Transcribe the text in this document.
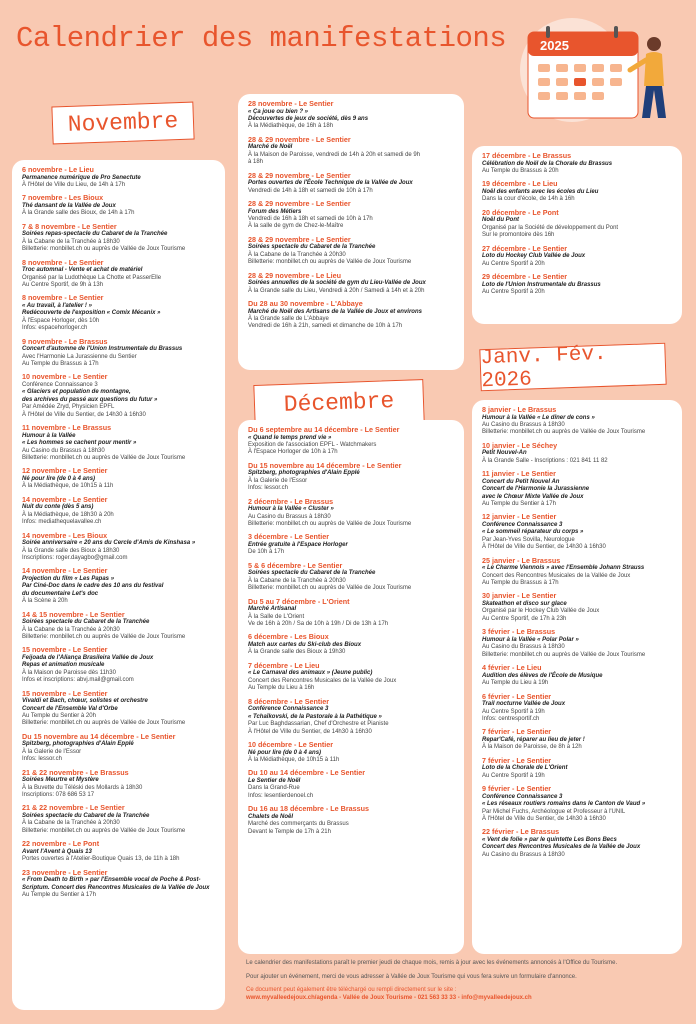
Calendrier des manifestations	2025
Novembre
Décembre
Janv. Fév. 2026
6 novembre - Le Lieu
Permanence numérique de Pro Senectute
À l'Hôtel de Ville du Lieu, de 14h à 17h
7 novembre - Les Bioux
Thé dansant de la Vallée de Joux
À la Grande salle des Bioux, de 14h à 17h
7 & 8 novembre - Le Sentier
Soirées repas-spectacle du Cabaret de la Tranchée
À la Cabane de la Tranchée à 18h30
Billetterie: monbillet.ch ou auprès de Vallée de Joux Tourisme
8 novembre - Le Sentier
Troc automnal - Vente et achat de matériel
Organisé par la Ludothèque La Chotte et PasserElle
Au Centre Sportif, de 9h à 13h
8 novembre - Le Sentier
« Au travail, à l'atelier ! »
Redécouverte de l'exposition « Comix Mécanix »
À l'Espace Horloger, dès 10h
Infos: espacehorloger.ch
9 novembre - Le Brassus
Concert d'automne de l'Union Instrumentale du Brassus
Avec l'Harmonie La Jurassienne du Sentier
Au Temple du Brassus à 17h
10 novembre - Le Sentier
Conférence Connaissance 3
« Glaciers et population de montagne,
des archives du passé aux questions du futur »
Par Amédée Zryd, Physicien EPFL
À l'Hôtel de Ville du Sentier, de 14h30 à 16h30
11 novembre - Le Brassus
Humour à la Vallée
« Les hommes se cachent pour mentir »
Au Casino du Brassus à 18h30
Billetterie: monbillet.ch ou auprès de Vallée de Joux Tourisme
12 novembre - Le Sentier
Né pour lire (de 0 à 4 ans)
À la Médiathèque, de 10h15 à 11h
14 novembre - Le Sentier
Nuit du conte (dès 5 ans)
À la Médiathèque, de 18h30 à 20h
Infos: mediathequelavallee.ch
14 novembre - Les Bioux
Soirée anniversaire « 20 ans du Cercle d'Amis de Kinshasa »
À la Grande salle des Bioux à 18h30
Inscriptions: roger.dayagbo@gmail.com
14 novembre - Le Sentier
Projection du film « Les Papas »
Par Ciné-Doc dans le cadre des 10 ans du festival
du documentaire Let's doc
À la Scène à 20h
14 & 15 novembre - Le Sentier
Soirées spectacle du Cabaret de la Tranchée
À la Cabane de la Tranchée à 20h30
Billetterie: monbillet.ch ou auprès de Vallée de Joux Tourisme
15 novembre - Le Sentier
Feijoada de l'Aliança Brasileira Vallée de Joux
Repas et animation musicale
À la Maison de Paroisse dès 11h30
Infos et inscriptions: abvj.mail@gmail.com
15 novembre - Le Sentier
Vivaldi et Bach, chœur, solistes et orchestre
Concert de l'Ensemble Val d'Orbe
Au Temple du Sentier à 20h
Billetterie: monbillet.ch ou auprès de Vallée de Joux Tourisme
Du 15 novembre au 14 décembre - Le Sentier
Spitzberg, photographies d'Alain Epplé
À la Galerie de l'Essor
Infos: lessor.ch
21 & 22 novembre - Le Brassus
Soirées Meurtre et Mystère
À la Buvette du Téléski des Mollards à 18h30
Inscriptions: 078 686 53 17
21 & 22 novembre - Le Sentier
Soirées spectacle du Cabaret de la Tranchée
À la Cabane de la Tranchée à 20h30
Billetterie: monbillet.ch ou auprès de Vallée de Joux Tourisme
22 novembre - Le Pont
Avant l'Avent à Quais 13
Portes ouvertes à l'Atelier-Boutique Quais 13, de 11h à 18h
23 novembre - Le Sentier
« From Death to Birth » par l'Ensemble vocal de Poche & Post-
Scriptum. Concert des Rencontres Musicales de la Vallée de Joux
Au Temple du Sentier à 17h
28 novembre - Le Sentier
« Ça joue ou bien ? »
Découvertes de jeux de société, dès 9 ans
À la Médiathèque, de 16h à 18h
28 & 29 novembre - Le Sentier
Marché de Noël
À la Maison de Paroisse, vendredi de 14h à 20h et samedi de 9h
à 18h
28 & 29 novembre - Le Sentier
Portes ouvertes de l'École Technique de la Vallée de Joux
Vendredi de 14h à 18h et samedi de 10h à 17h
28 & 29 novembre - Le Sentier
Forum des Métiers
Vendredi de 16h à 18h et samedi de 10h à 17h
À la salle de gym de Chez-le-Maître
28 & 29 novembre - Le Sentier
Soirées spectacle du Cabaret de la Tranchée
À la Cabane de la Tranchée à 20h30
Billetterie: monbillet.ch ou auprès de Vallée de Joux Tourisme
28 & 29 novembre - Le Lieu
Soirées annuelles de la société de gym du Lieu-Vallée de Joux
À la Grande salle du Lieu, Vendredi à 20h / Samedi à 14h et à 20h
Du 28 au 30 novembre - L'Abbaye
Marché de Noël des Artisans de la Vallée de Joux et environs
À la Grande salle de L'Abbaye
Vendredi de 16h à 21h, samedi et dimanche de 10h à 17h
Du 6 septembre au 14 décembre - Le Sentier
« Quand le temps prend vie »
Exposition de l'association EPFL - Watchmakers
À l'Espace Horloger de 10h à 17h
Du 15 novembre au 14 décembre - Le Sentier
Spitzberg, photographies d'Alain Epplé
À la Galerie de l'Essor
Infos: lessor.ch
2 décembre - Le Brassus
Humour à la Vallée « Cluster »
Au Casino du Brassus à 18h30
Billetterie: monbillet.ch ou auprès de Vallée de Joux Tourisme
3 décembre - Le Sentier
Entrée gratuite à l'Espace Horloger
De 10h à 17h
5 & 6 décembre - Le Sentier
Soirées spectacle du Cabaret de la Tranchée
À la Cabane de la Tranchée à 20h30
Billetterie: monbillet.ch ou auprès de Vallée de Joux Tourisme
Du 5 au 7 décembre - L'Orient
Marché Artisanal
À la Salle de L'Orient
Ve de 16h à 20h / Sa de 10h à 19h / Di de 13h à 17h
6 décembre - Les Bioux
Match aux cartes du Ski-club des Bioux
À la Grande salle des Bioux à 19h30
7 décembre - Le Lieu
« Le Carnaval des animaux » (Jeune public)
Concert des Rencontres Musicales de la Vallée de Joux
Au Temple du Lieu à 16h
8 décembre - Le Sentier
Conférence Connaissance 3
« Tchaïkovski, de la Pastorale à la Pathétique »
Par Luc Baghdassarian, Chef d'Orchestre et Pianiste
À l'Hôtel de Ville du Sentier, de 14h30 à 16h30
10 décembre - Le Sentier
Né pour lire (de 0 à 4 ans)
À la Médiathèque, de 10h15 à 11h
Du 10 au 14 décembre - Le Sentier
Le Sentier de Noël
Dans la Grand-Rue
Infos: lesentierdenoel.ch
Du 16 au 18 décembre - Le Brassus
Chalets de Noël
Marché des commerçants du Brassus
Devant le Temple de 17h à 21h
17 décembre - Le Brassus
Célébration de Noël de la Chorale du Brassus
Au Temple du Brassus à 20h
19 décembre - Le Lieu
Noël des enfants avec les écoles du Lieu
Dans la cour d'école, de 14h à 16h
20 décembre - Le Pont
Noël du Pont
Organisé par la Société de développement du Pont
Sur le promontoire dès 16h
27 décembre - Le Sentier
Loto du Hockey Club Vallée de Joux
Au Centre Sportif à 20h
29 décembre - Le Sentier
Loto de l'Union Instrumentale du Brassus
Au Centre Sportif à 20h
8 janvier - Le Brassus
Humour à la Vallée « Le dîner de cons »
Au Casino du Brassus à 18h30
Billetterie: monbillet.ch ou auprès de Vallée de Joux Tourisme
10 janvier - Le Séchey
Petit Nouvel-An
À la Grande Salle - Inscriptions : 021 841 11 82
11 janvier - Le Sentier
Concert du Petit Nouvel An
Concert de l'Harmonie la Jurassienne
avec le Chœur Mixte Vallée de Joux
Au Temple du Sentier à 17h
12 janvier - Le Sentier
Conférence Connaissance 3
« Le sommeil réparateur du corps »
Par Jean-Yves Sovilla, Neurologue
À l'Hôtel de Ville du Sentier, de 14h30 à 16h30
25 janvier - Le Brassus
« Le Charme Viennois » avec l'Ensemble Johann Strauss
Concert des Rencontres Musicales de la Vallée de Joux
Au Temple du Brassus à 17h
30 janvier - Le Sentier
Skateathon et disco sur glace
Organisé par le Hockey Club Vallée de Joux
Au Centre Sportif, de 17h à 23h
3 février - Le Brassus
Humour à la Vallée « Polar Polar »
Au Casino du Brassus à 18h30
Billetterie: monbillet.ch ou auprès de Vallée de Joux Tourisme
4 février - Le Lieu
Audition des élèves de l'École de Musique
Au Temple du Lieu à 19h
6 février - Le Sentier
Trail nocturne Vallée de Joux
Au Centre Sportif à 19h
Infos: centresportif.ch
7 février - Le Sentier
Repar'Café, réparer au lieu de jeter !
À la Maison de Paroisse, de 8h à 12h
7 février - Le Sentier
Loto de la Chorale de L'Orient
Au Centre Sportif à 19h
9 février - Le Sentier
Conférence Connaissance 3
« Les réseaux routiers romains dans le Canton de Vaud »
Par Michel Fuchs, Archéologue et Professeur à l'UNIL
À l'Hôtel de Ville du Sentier, de 14h30 à 16h30
22 février - Le Brassus
« Vent de folie » par le quintette Les Bons Becs
Concert des Rencontres Musicales de la Vallée de Joux
Au Casino du Brassus à 18h30
Le calendrier des manifestations paraît le premier jeudi de chaque mois, remis à jour avec les événements annoncés à l'Office du Tourisme.
Pour ajouter un événement, merci de vous adresser à Vallée de Joux Tourisme qui vous fera suivre un formulaire d'annonce.
Ce document peut également être téléchargé ou rempli directement sur le site :
www.myvalleedejoux.ch/agenda - Vallée de Joux Tourisme - 021 563 33 33 - info@myvalleedejoux.ch
